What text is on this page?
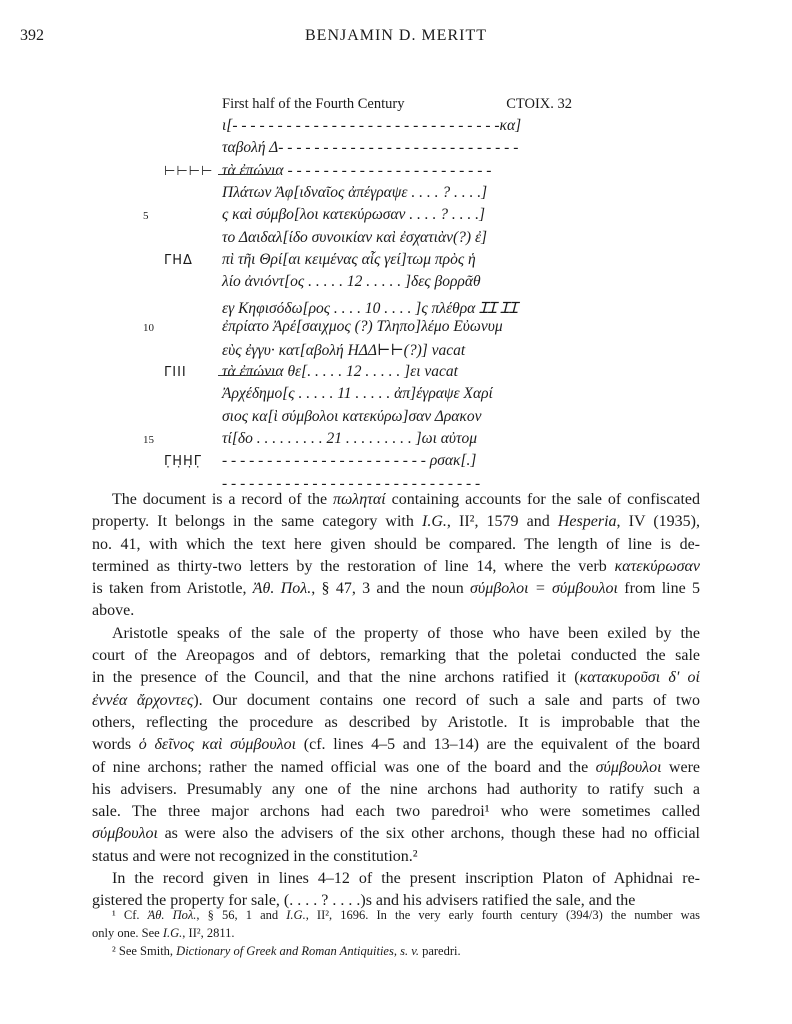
392	BENJAMIN D. MERITT
First half of the Fourth Century	CTOIX. 32
ι[- - - - - - - - - - - - - - - - - - - - - - - - - - - - - -κα]
ταβολή Δ- - - - - - - - - - - - - - - - - - - - - - - - - - -
⊢⊢⊢⊢ τὰ ἐπώνια - - - - - - - - - - - - - - - - - - - - - - -
Πλάτων Ἀφ[ιδναῖος ἀπέγραψε . . . . ? . . . .]
5	ς καὶ σύμβο[λοι κατεκύρωσαν . . . . ? . . . .]
το Δαιδαλ[ίδο συνοικίαν καὶ ἐσχατιὰν(?) ἐ]
ΓΗΔ πὶ τῆι Θρί[αι κειμένας αἷς γεί]τωμ πρὸς ἡ
λίο ἀνιόντ[ος . . . . . 12 . . . . . ]δες βορρᾶθ
εγ Κηφισόδω[ρος . . . . 10 . . . . ]ς πλέθρα ꞮꞮ ꞮꞮ
10	ἐπρίατο Ἀρέ[σαιχμος (?) Τληπο]λέμο Εὐωνυμ
εὺς ἐγγυ· κατ[αβολή ΗΔΔ⊢⊢(?)] vacat
ΓΙΙΙ τὰ ἐπώνια θε[. . . . . 12 . . . . . ]ει vacat
Ἀρχέδημο[ς . . . . . 11 . . . . . ἀπ]έγραψε Χαρί
σιος κα[ὶ σύμβολοι κατεκύρω]σαν Δρακον
15	τί[δο . . . . . . . . . 21 . . . . . . . . . ]ωι αὐτομ
Γ̣Η̣Η̣Γ̣ - - - - - - - - - - - - - - - - - - - - - - - ρσακ[.]
- - - - - - - - - - - - - - - - - - - - - - - - - - - - -
The document is a record of the πωληταί containing accounts for the sale of confiscated
property. It belongs in the same category with I.G., II², 1579 and Hesperia, IV (1935),
no. 41, with which the text here given should be compared. The length of line is de-
termined as thirty-two letters by the restoration of line 14, where the verb κατεκύρωσαν
is taken from Aristotle, Ἀθ. Πολ., § 47, 3 and the noun σύμβολοι = σύμβουλοι from line 5
above.
Aristotle speaks of the sale of the property of those who have been exiled by the
court of the Areopagos and of debtors, remarking that the poletai conducted the sale
in the presence of the Council, and that the nine archons ratified it (κατακυροῦσι δ' οἱ
ἐννέα ἄρχοντες). Our document contains one record of such a sale and parts of two
others, reflecting the procedure as described by Aristotle. It is improbable that the
words ὁ δεῖνος καὶ σύμβουλοι (cf. lines 4–5 and 13–14) are the equivalent of the board
of nine archons; rather the named official was one of the board and the σύμβουλοι were
his advisers. Presumably any one of the nine archons had authority to ratify such a
sale. The three major archons had each two paredroi¹ who were sometimes called
σύμβουλοι as were also the advisers of the six other archons, though these had no official
status and were not recognized in the constitution.²
In the record given in lines 4–12 of the present inscription Platon of Aphidnai re-
gistered the property for sale, (. . . . ? . . . .)s and his advisers ratified the sale, and the
¹ Cf. Ἀθ. Πολ., § 56, 1 and I.G., II², 1696. In the very early fourth century (394/3) the number was
only one. See I.G., II², 2811.
² See Smith, Dictionary of Greek and Roman Antiquities, s. v. paredri.
